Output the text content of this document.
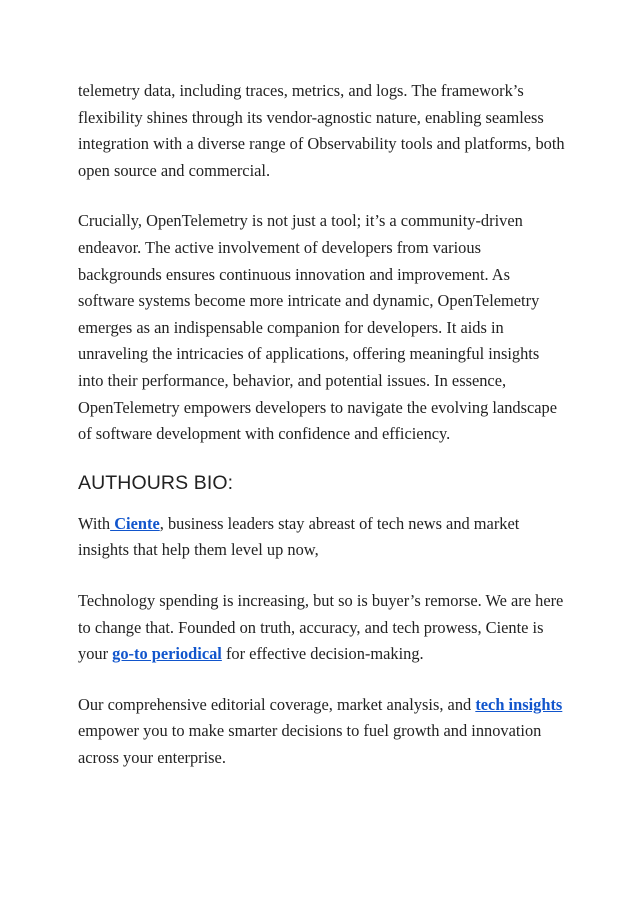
telemetry data, including traces, metrics, and logs. The framework’s flexibility shines through its vendor-agnostic nature, enabling seamless integration with a diverse range of Observability tools and platforms, both open source and commercial.

Crucially, OpenTelemetry is not just a tool; it’s a community-driven endeavor. The active involvement of developers from various backgrounds ensures continuous innovation and improvement. As software systems become more intricate and dynamic, OpenTelemetry emerges as an indispensable companion for developers. It aids in unraveling the intricacies of applications, offering meaningful insights into their performance, behavior, and potential issues. In essence, OpenTelemetry empowers developers to navigate the evolving landscape of software development with confidence and efficiency.

AUTHOURS BIO:

With Ciente, business leaders stay abreast of tech news and market insights that help them level up now,

Technology spending is increasing, but so is buyer’s remorse. We are here to change that. Founded on truth, accuracy, and tech prowess, Ciente is your go-to periodical for effective decision-making.

Our comprehensive editorial coverage, market analysis, and tech insights empower you to make smarter decisions to fuel growth and innovation across your enterprise.
